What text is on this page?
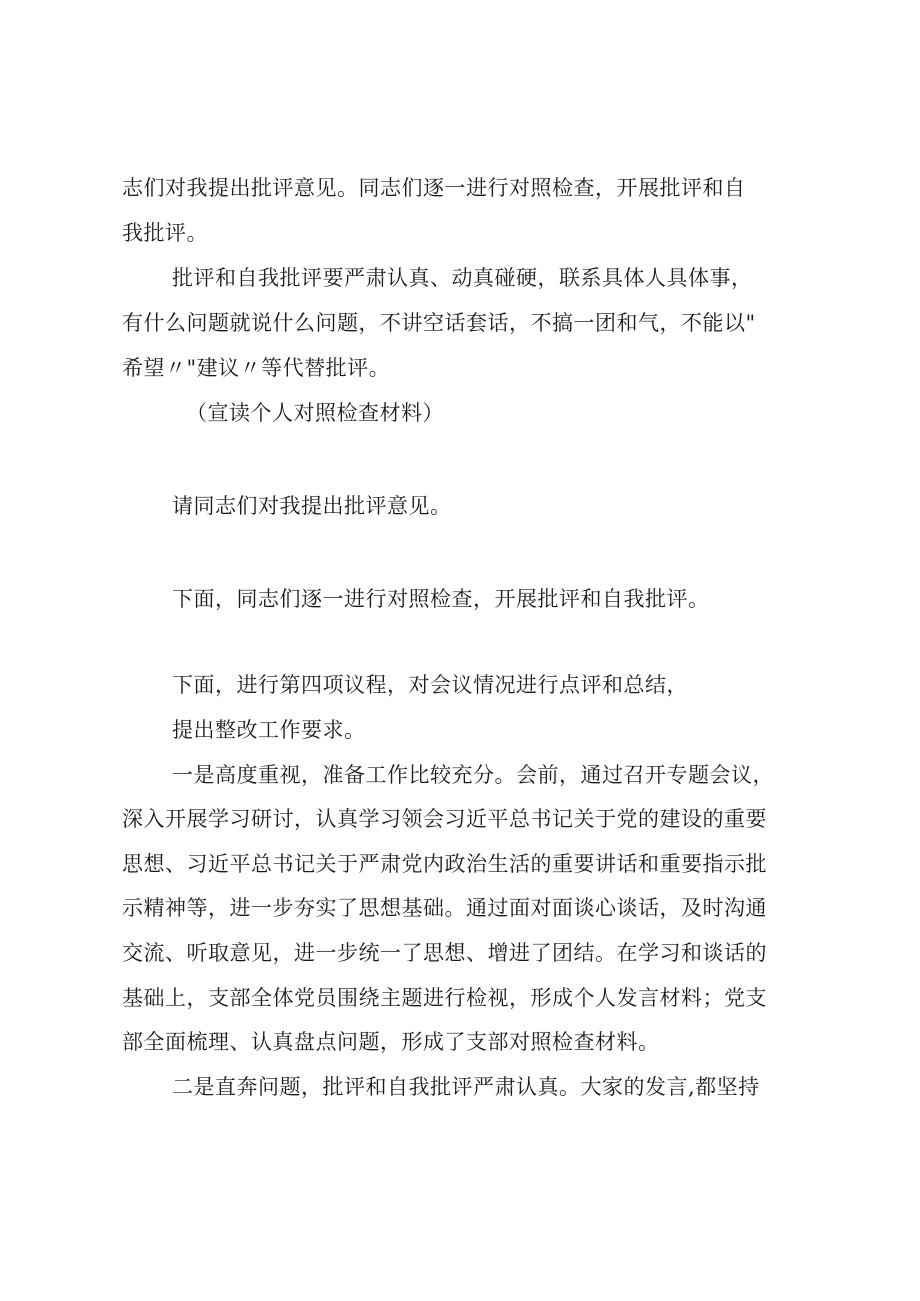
志们对我提出批评意见。同志们逐一进行对照检查，开展批评和自
我批评。
批评和自我批评要严肃认真、动真碰硬，联系具体人具体事，
有什么问题就说什么问题，不讲空话套话，不搞一团和气，不能以"
希望〃"建议〃等代替批评。
（宣读个人对照检查材料）
请同志们对我提出批评意见。
下面，同志们逐一进行对照检查，开展批评和自我批评。
下面，进行第四项议程，对会议情况进行点评和总结，
提出整改工作要求。
一是高度重视，准备工作比较充分。会前，通过召开专题会议，
深入开展学习研讨，认真学习领会习近平总书记关于党的建设的重要
思想、习近平总书记关于严肃党内政治生活的重要讲话和重要指示批
示精神等，进一步夯实了思想基础。通过面对面谈心谈话，及时沟通
交流、听取意见，进一步统一了思想、增进了团结。在学习和谈话的
基础上，支部全体党员围绕主题进行检视，形成个人发言材料；党支
部全面梳理、认真盘点问题，形成了支部对照检查材料。
二是直奔问题，批评和自我批评严肃认真。大家的发言,都坚持
